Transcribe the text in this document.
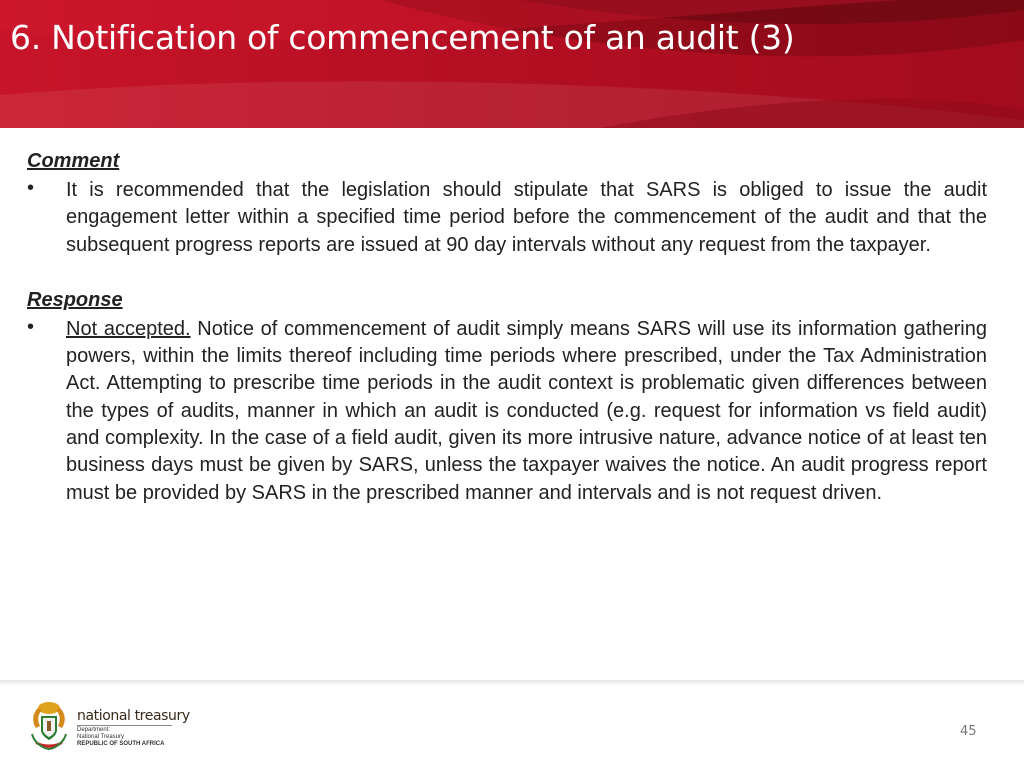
6. Notification of commencement of an audit (3)

Comment

• It is recommended that the legislation should stipulate that SARS is obliged to issue the audit engagement letter within a specified time period before the commencement of the audit and that the subsequent progress reports are issued at 90 day intervals without any request from the taxpayer.

Response

• Not accepted. Notice of commencement of audit simply means SARS will use its information gathering powers, within the limits thereof including time periods where prescribed, under the Tax Administration Act. Attempting to prescribe time periods in the audit context is problematic given differences between the types of audits, manner in which an audit is conducted (e.g. request for information vs field audit) and complexity. In the case of a field audit, given its more intrusive nature, advance notice of at least ten business days must be given by SARS, unless the taxpayer waives the notice. An audit progress report must be provided by SARS in the prescribed manner and intervals and is not request driven.
national treasury
Department:
National Treasury
REPUBLIC OF SOUTH AFRICA
45
